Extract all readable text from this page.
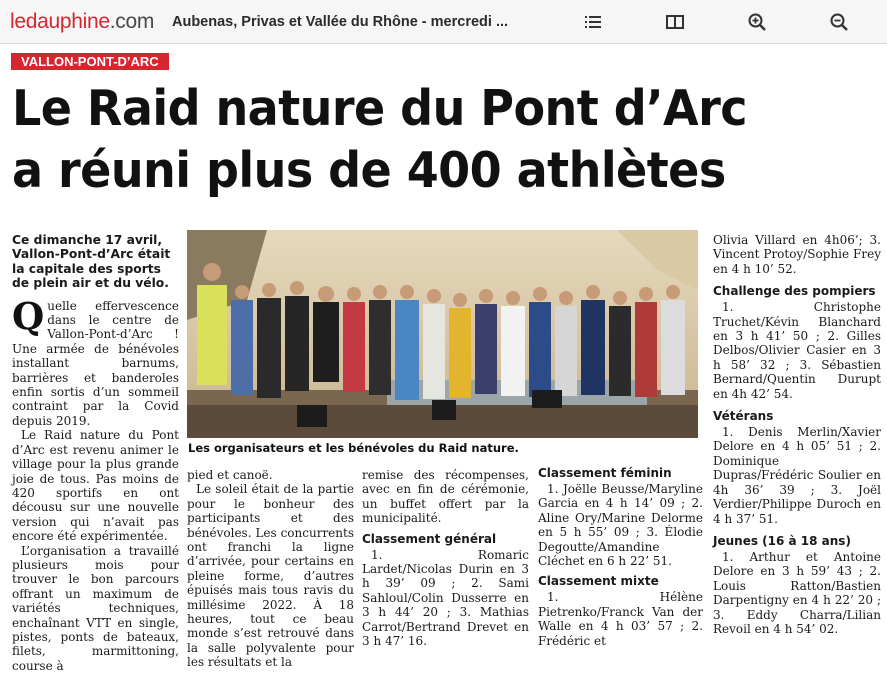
ledauphine.com	Aubenas, Privas et Vallée du Rhône - mercredi ...
VALLON-PONT-D’ARC
Le Raid nature du Pont d’Arc
a réuni plus de 400 athlètes
Ce dimanche 17 avril, Vallon-Pont-d’Arc était la capitale des sports de plein air et du vélo.

Quelle effervescence dans le centre de Vallon-Pont-d’Arc ! Une armée de bénévoles installant barnums, barrières et banderoles enfin sortis d’un sommeil contraint par la Covid depuis 2019.

Le Raid nature du Pont d’Arc est revenu animer le village pour la plus grande joie de tous. Pas moins de 420 sportifs en ont décousu sur une nouvelle version qui n’avait pas encore été expérimentée.

L’organisation a travaillé plusieurs mois pour trouver le bon parcours offrant un maximum de variétés techniques, enchaînant VTT en single, pistes, ponts de bateaux, filets, marmittoning, course à

Les organisateurs et les bénévoles du Raid nature.

pied et canoë.

Le soleil était de la partie pour le bonheur des participants et des bénévoles. Les concurrents ont franchi la ligne d’arrivée, pour certains en pleine forme, d’autres épuisés mais tous ravis du millésime 2022. À 18 heures, tout ce beau monde s’est retrouvé dans la salle polyvalente pour les résultats et la

remise des récompenses, avec en fin de cérémonie, un buffet offert par la municipalité.

Classement général

1. Romaric Lardet/Nicolas Durin en 3 h 39’ 09 ; 2. Sami Sahloul/Colin Dusserre en 3 h 44’ 20 ; 3. Mathias Carrot/Bertrand Drevet en 3 h 47’ 16.

Classement féminin

1. Joëlle Beusse/Maryline Garcia en 4 h 14’ 09 ; 2. Aline Ory/Marine Delorme en 5 h 55’ 09 ; 3. Élodie Degoutte/Amandine Cléchet en 6 h 22’ 51.

Classement mixte

1. Hélène Pietrenko/Franck Van der Walle en 4 h 03’ 57 ; 2. Frédéric et

Olivia Villard en 4h06’; 3. Vincent Protoy/Sophie Frey en 4 h 10’ 52.

Challenge des pompiers

1. Christophe Truchet/Kévin Blanchard en 3 h 41’ 50 ; 2. Gilles Delbos/Olivier Casier en 3 h 58’ 32 ; 3. Sébastien Bernard/Quentin Durupt en 4h 42’ 54.

Vétérans

1. Denis Merlin/Xavier Delore en 4 h 05’ 51 ; 2. Dominique Dupras/Frédéric Soulier en 4h 36’ 39 ; 3. Joël Verdier/Philippe Duroch en 4 h 37’ 51.

Jeunes (16 à 18 ans)

1. Arthur et Antoine Delore en 3 h 59’ 43 ; 2. Louis Ratton/Bastien Darpentigny en 4 h 22’ 20 ; 3. Eddy Charra/Lilian Revoil en 4 h 54’ 02.
